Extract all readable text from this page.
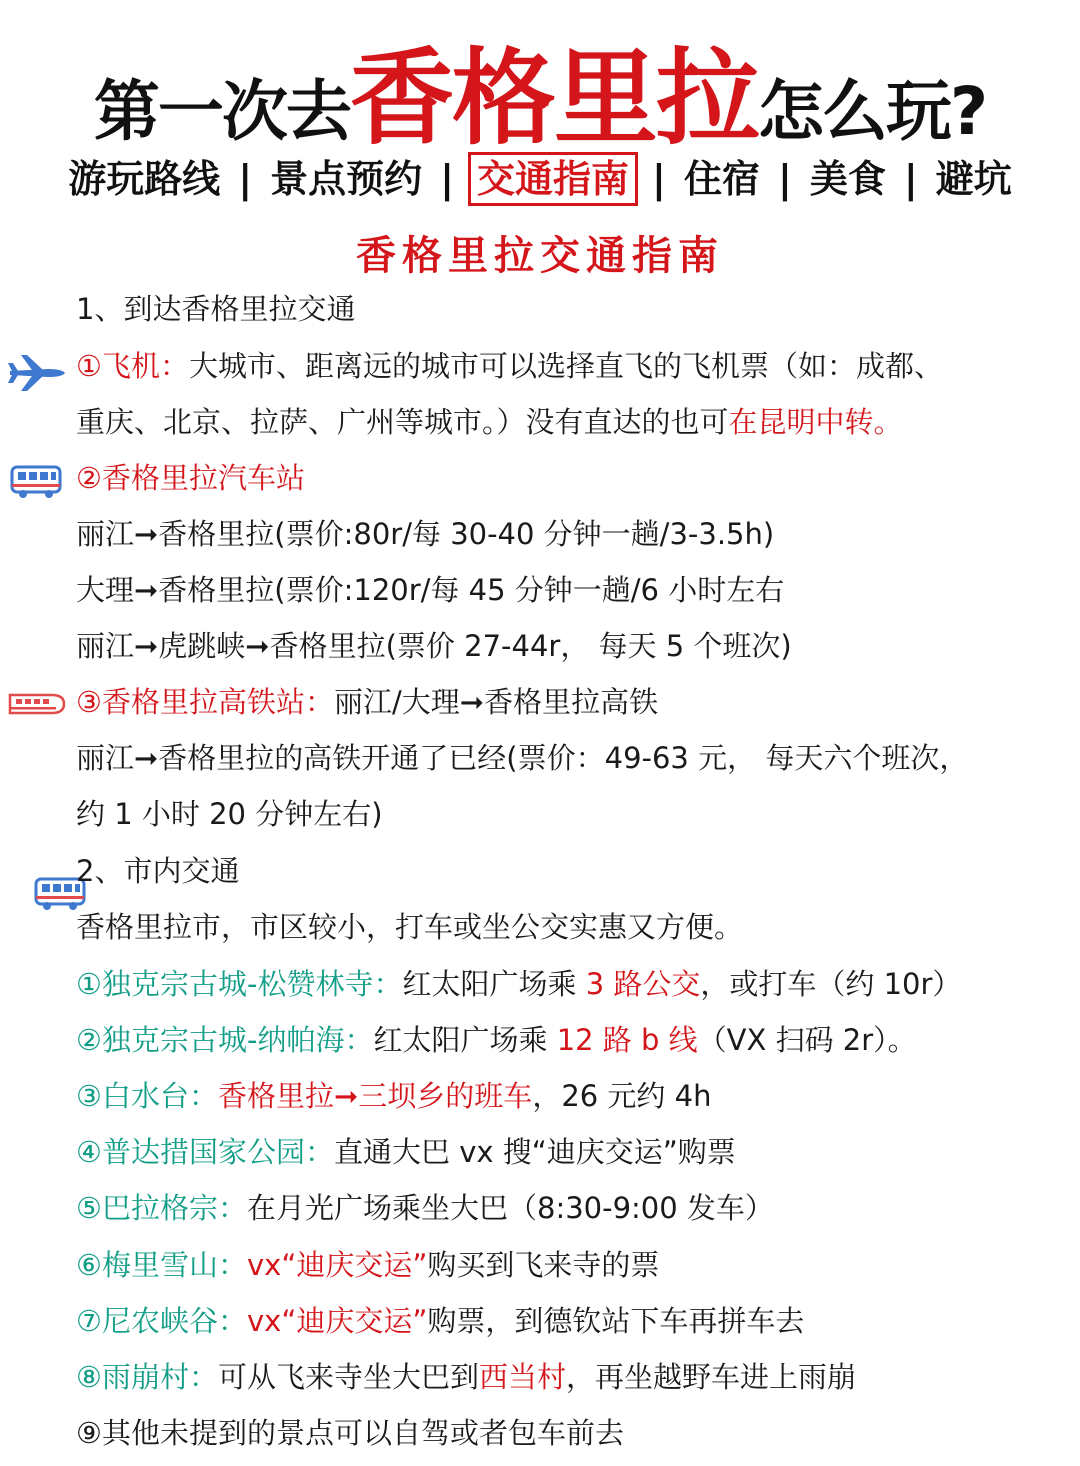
第一次去香格里拉怎么玩?
游玩路线 | 景点预约 | 交通指南 | 住宿 | 美食 | 避坑
香格里拉交通指南
1、到达香格里拉交通
①飞机：大城市、距离远的城市可以选择直飞的飞机票（如：成都、
重庆、北京、拉萨、广州等城市。）没有直达的也可在昆明中转。
②香格里拉汽车站
丽江➞香格里拉(票价:80r/每 30-40 分钟一趟/3-3.5h)
大理➞香格里拉(票价:120r/每 45 分钟一趟/6 小时左右
丽江➞虎跳峡➞香格里拉(票价 27-44r， 每天 5 个班次)
③香格里拉高铁站：丽江/大理➞香格里拉高铁
丽江➞香格里拉的高铁开通了已经(票价：49-63 元， 每天六个班次，
约 1 小时 20 分钟左右)
2、市内交通
香格里拉市，市区较小，打车或坐公交实惠又方便。
①独克宗古城-松赞林寺：红太阳广场乘 3 路公交，或打车（约 10r）
②独克宗古城-纳帕海：红太阳广场乘 12 路 b 线（VX 扫码 2r）。
③白水台：香格里拉➞三坝乡的班车，26 元约 4h
④普达措国家公园：直通大巴 vx 搜“迪庆交运”购票
⑤巴拉格宗：在月光广场乘坐大巴（8:30-9:00 发车）
⑥梅里雪山：vx“迪庆交运”购买到飞来寺的票
⑦尼农峡谷：vx“迪庆交运”购票，到德钦站下车再拼车去
⑧雨崩村：可从飞来寺坐大巴到西当村，再坐越野车进上雨崩
⑨其他未提到的景点可以自驾或者包车前去
